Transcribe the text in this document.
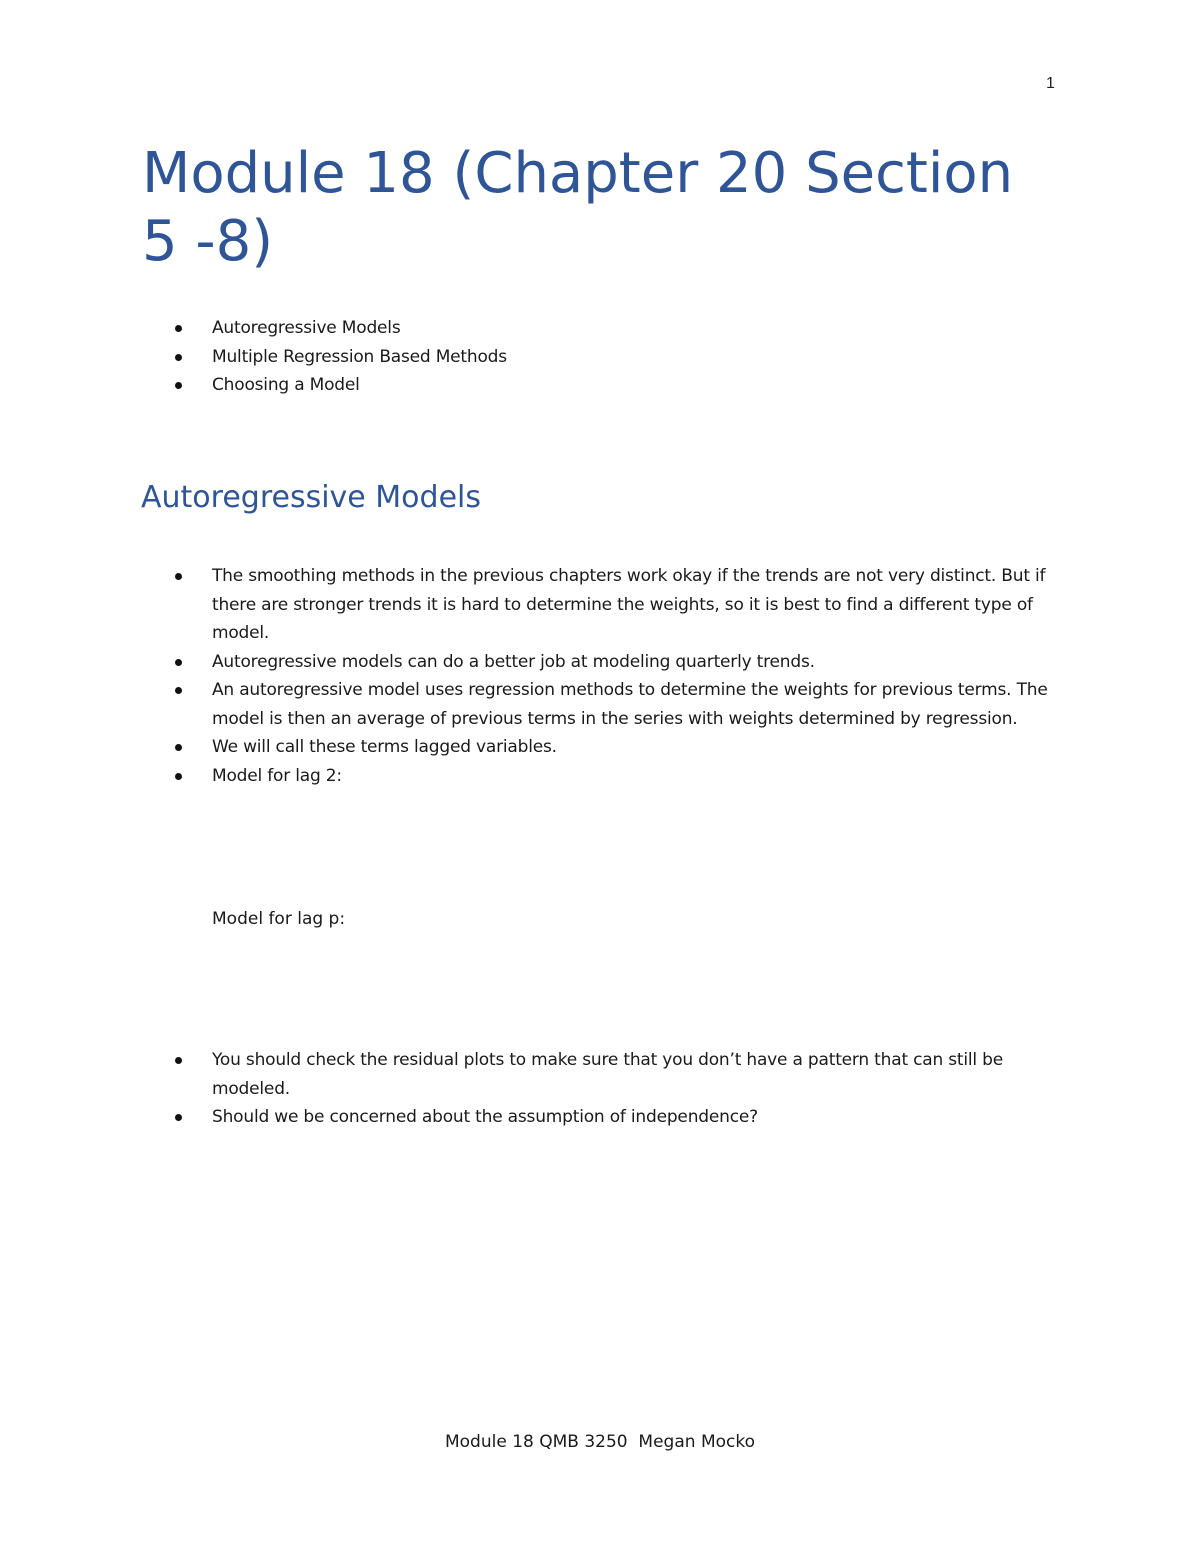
1
Module 18 (Chapter 20 Section 5 -8)
Autoregressive Models
Multiple Regression Based Methods
Choosing a Model
Autoregressive Models
The smoothing methods in the previous chapters work okay if the trends are not very distinct. But if there are stronger trends it is hard to determine the weights, so it is best to find a different type of model.
Autoregressive models can do a better job at modeling quarterly trends.
An autoregressive model uses regression methods to determine the weights for previous terms. The model is then an average of previous terms in the series with weights determined by regression.
We will call these terms lagged variables.
Model for lag 2:

Model for lag p:

You should check the residual plots to make sure that you don’t have a pattern that can still be modeled.
Should we be concerned about the assumption of independence?
Module 18 QMB 3250  Megan Mocko
